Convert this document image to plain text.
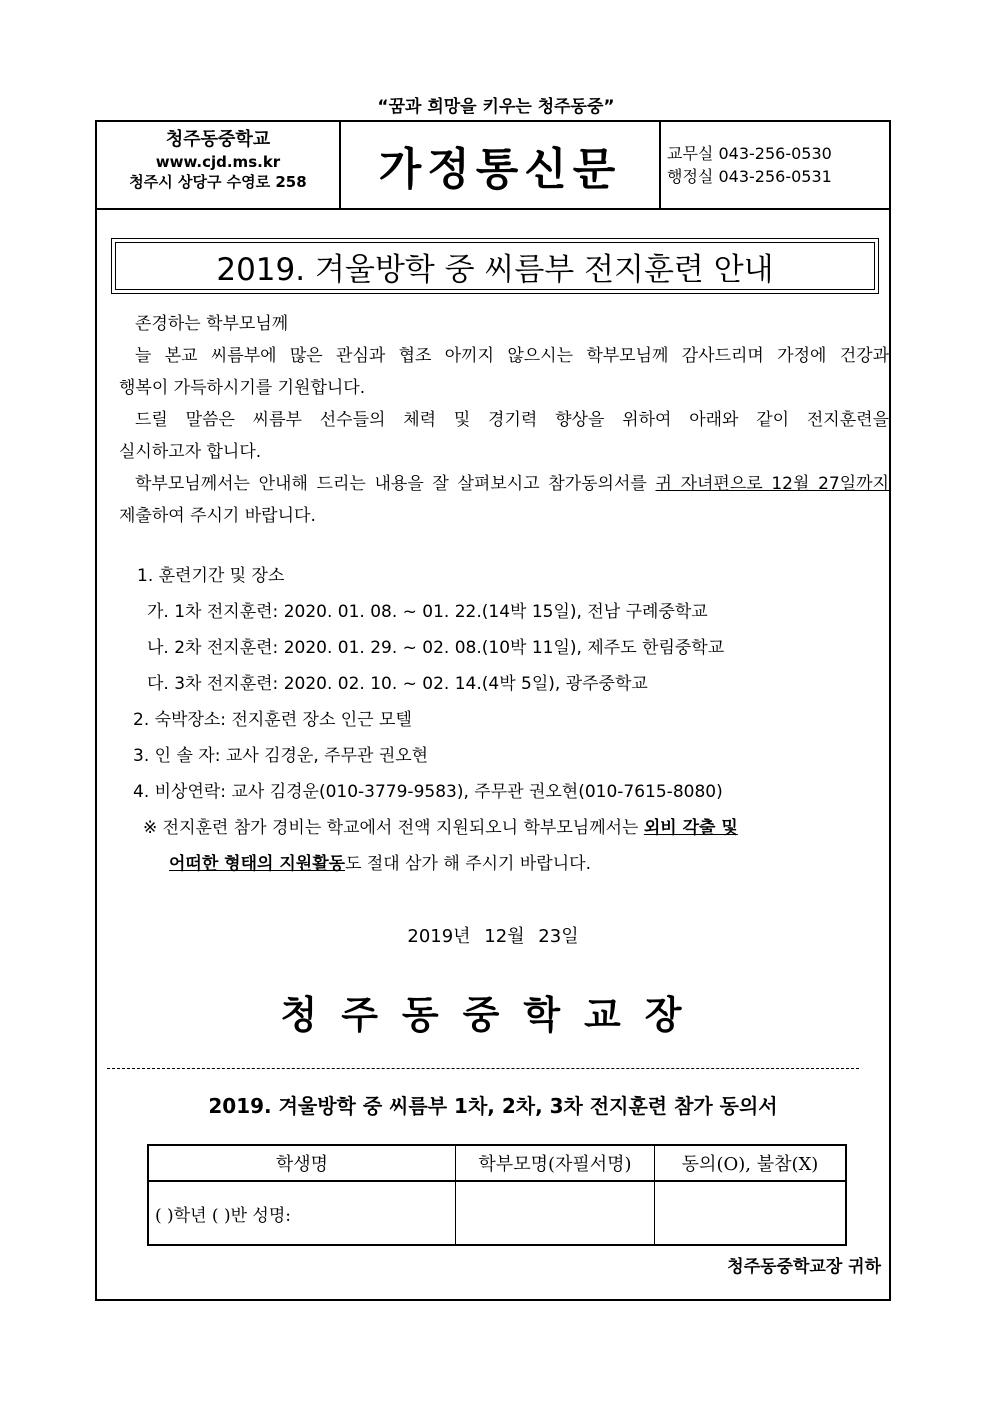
“꿈과 희망을 키우는 청주동중”
청주동중학교
www.cjd.ms.kr
청주시 상당구 수영로 258	가정통신문	교무실 043-256-0530
행정실 043-256-0531
2019. 겨울방학 중 씨름부 전지훈련 안내

존경하는 학부모님께

늘 본교 씨름부에 많은 관심과 협조 아끼지 않으시는 학부모님께 감사드리며 가정에 건강과

행복이 가득하시기를 기원합니다.

드릴 말씀은 씨름부 선수들의 체력 및 경기력 향상을 위하여 아래와 같이 전지훈련을

실시하고자 합니다.

학부모님께서는 안내해 드리는 내용을 잘 살펴보시고 참가동의서를 귀 자녀편으로 12월 27일까지

제출하여 주시기 바랍니다.

1. 훈련기간 및 장소
가. 1차 전지훈련: 2020. 01. 08. ~ 01. 22.(14박 15일), 전남 구례중학교
나. 2차 전지훈련: 2020. 01. 29. ~ 02. 08.(10박 11일), 제주도 한림중학교
다. 3차 전지훈련: 2020. 02. 10. ~ 02. 14.(4박 5일), 광주중학교
2. 숙박장소: 전지훈련 장소 인근 모텔
3. 인 솔 자: 교사 김경운, 주무관 권오현
4. 비상연락: 교사 김경운(010-3779-9583), 주무관 권오현(010-7615-8080)
※ 전지훈련 참가 경비는 학교에서 전액 지원되오니 학부모님께서는 외비 각출 및
어떠한 형태의 지원활동도 절대 삼가 해 주시기 바랍니다.
2019년 12월 23일
청주동중학교장
2019. 겨울방학 중 씨름부 1차, 2차, 3차 전지훈련 참가 동의서
학생명	학부모명(자필서명)	동의(O), 불참(X)
( )학년 ( )반 성명:		
청주동중학교장 귀하
